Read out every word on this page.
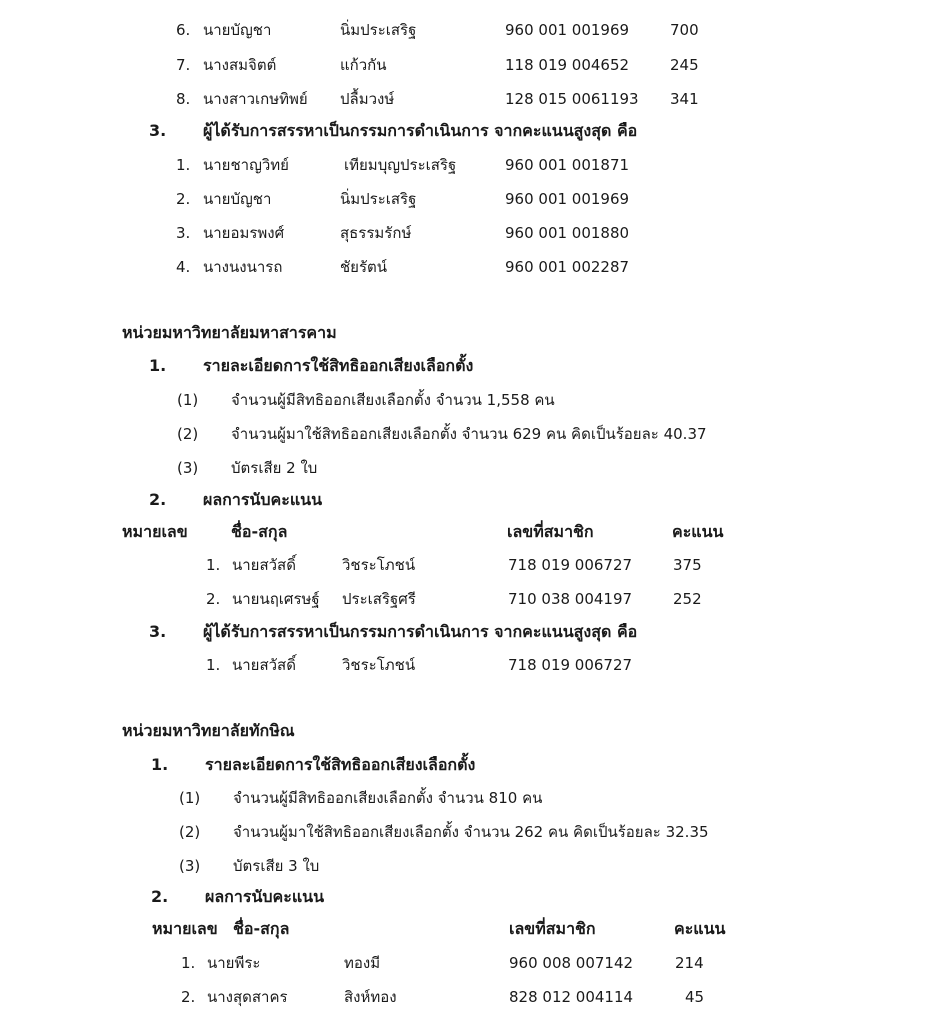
6. นายบัญชา	นิ่มประเสริฐ	960 001 001969	700
7. นางสมจิตต์	แก้วกัน	118 019 004652	245
8. นางสาวเกษทิพย์ ปลื้มวงษ์	128 015 0061193 341
3. ผู้ได้รับการสรรหาเป็นกรรมการดำเนินการ จากคะแนนสูงสุด คือ
1. นายชาญวิทย์	เทียมบุญประเสริฐ	960 001 001871
2. นายบัญชา	นิ่มประเสริฐ	960 001 001969
3. นายอมรพงศ์	สุธรรมรักษ์	960 001 001880
4. นางนงนารถ	ชัยรัตน์	960 001 002287
หน่วยมหาวิทยาลัยมหาสารคาม
1. รายละเอียดการใช้สิทธิออกเสียงเลือกตั้ง
(1) จำนวนผู้มีสิทธิออกเสียงเลือกตั้ง จำนวน 1,558 คน
(2) จำนวนผู้มาใช้สิทธิออกเสียงเลือกตั้ง จำนวน 629 คน คิดเป็นร้อยละ 40.37
(3) บัตรเสีย 2 ใบ
2. ผลการนับคะแนน
หมายเลข	ชื่อ-สกุล	เลขที่สมาชิก	คะแนน
1. นายสวัสดิ์	วิชระโภชน์	718 019 006727	375
2. นายนฤเศรษฐ์ ประเสริฐศรี	710 038 004197	252
3. ผู้ได้รับการสรรหาเป็นกรรมการดำเนินการ จากคะแนนสูงสุด คือ
1. นายสวัสดิ์	วิชระโภชน์	718 019 006727
หน่วยมหาวิทยาลัยทักษิณ
1. รายละเอียดการใช้สิทธิออกเสียงเลือกตั้ง
(1) จำนวนผู้มีสิทธิออกเสียงเลือกตั้ง จำนวน 810 คน
(2) จำนวนผู้มาใช้สิทธิออกเสียงเลือกตั้ง จำนวน 262 คน คิดเป็นร้อยละ 32.35
(3) บัตรเสีย 3 ใบ
2. ผลการนับคะแนน
หมายเลข ชื่อ-สกุล	เลขที่สมาชิก	คะแนน
1. นายพีระ	ทองมี	960 008 007142	214
2. นางสุดสาคร	สิงห์ทอง	828 012 004114	45
